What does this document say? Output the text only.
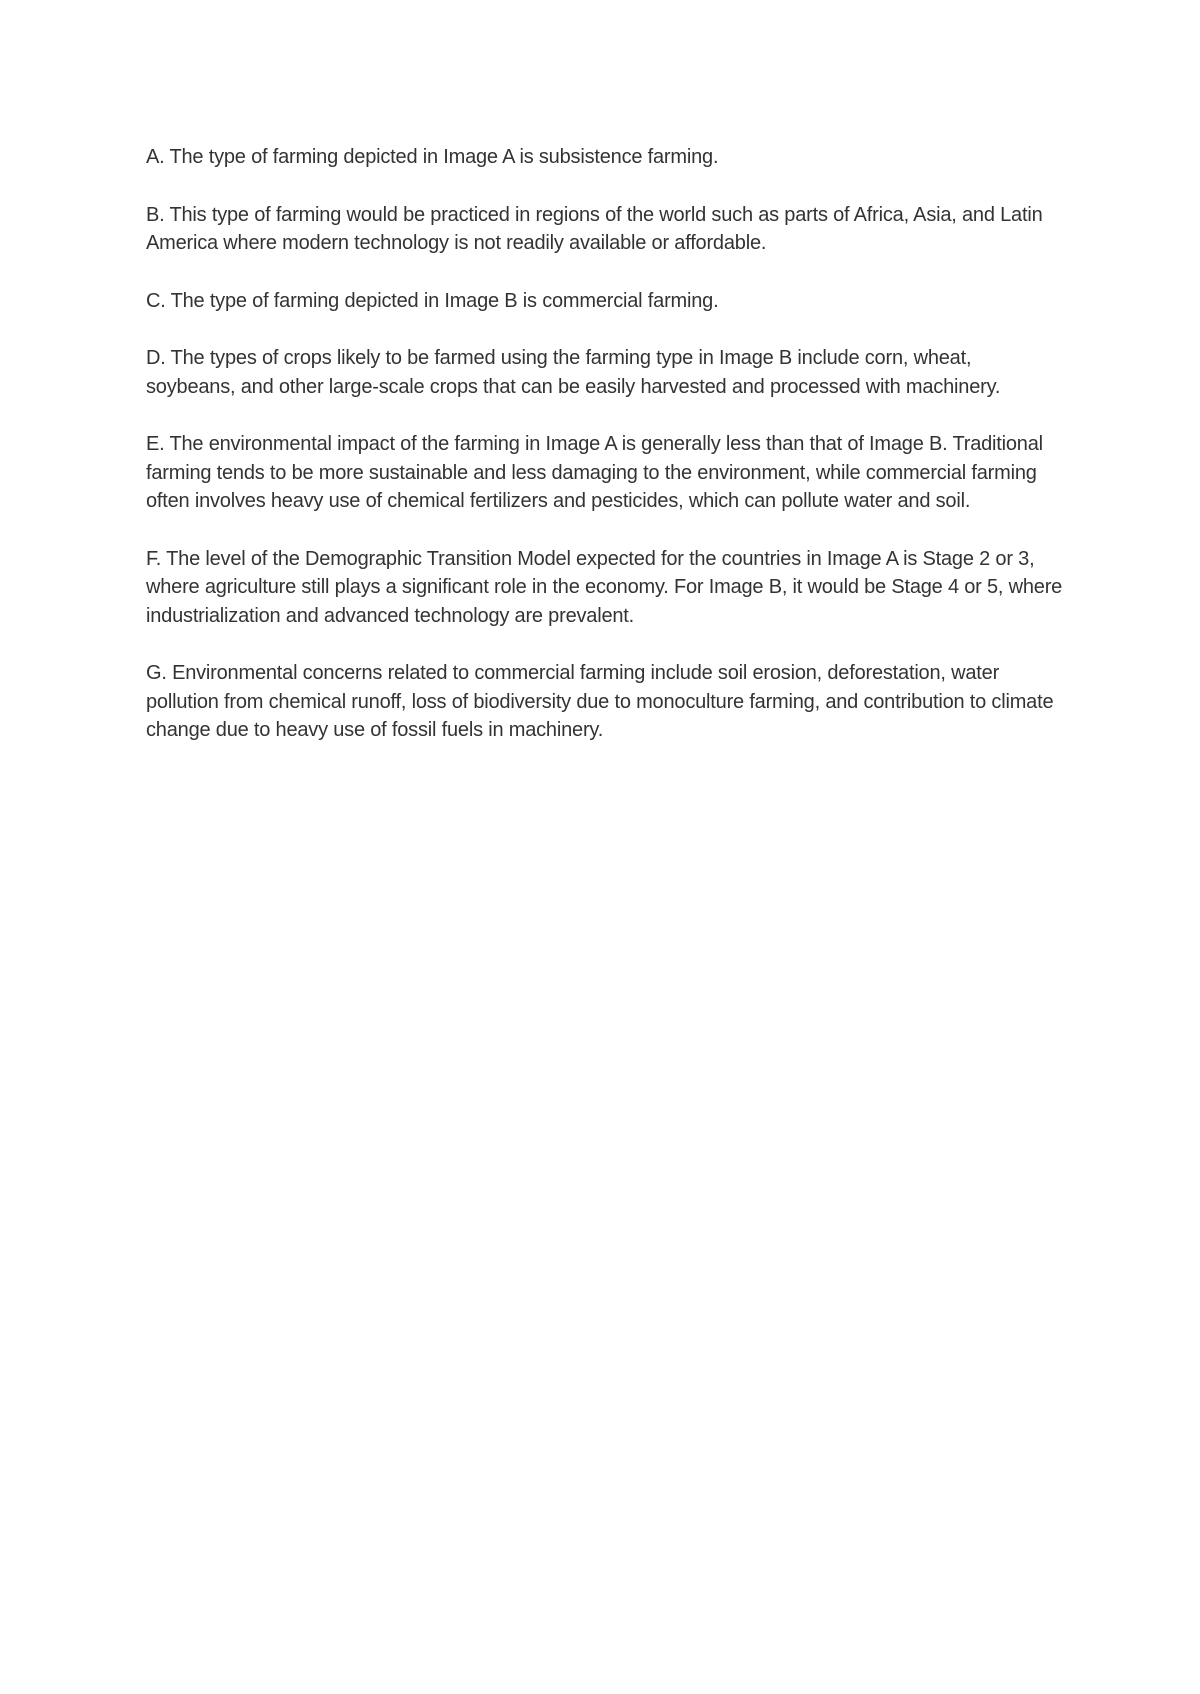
A. The type of farming depicted in Image A is subsistence farming.

B. This type of farming would be practiced in regions of the world such as parts of Africa, Asia, and Latin America where modern technology is not readily available or affordable.

C. The type of farming depicted in Image B is commercial farming.

D. The types of crops likely to be farmed using the farming type in Image B include corn, wheat, soybeans, and other large-scale crops that can be easily harvested and processed with machinery.

E. The environmental impact of the farming in Image A is generally less than that of Image B. Traditional farming tends to be more sustainable and less damaging to the environment, while commercial farming often involves heavy use of chemical fertilizers and pesticides, which can pollute water and soil.

F. The level of the Demographic Transition Model expected for the countries in Image A is Stage 2 or 3, where agriculture still plays a significant role in the economy. For Image B, it would be Stage 4 or 5, where industrialization and advanced technology are prevalent.

G. Environmental concerns related to commercial farming include soil erosion, deforestation, water pollution from chemical runoff, loss of biodiversity due to monoculture farming, and contribution to climate change due to heavy use of fossil fuels in machinery.
